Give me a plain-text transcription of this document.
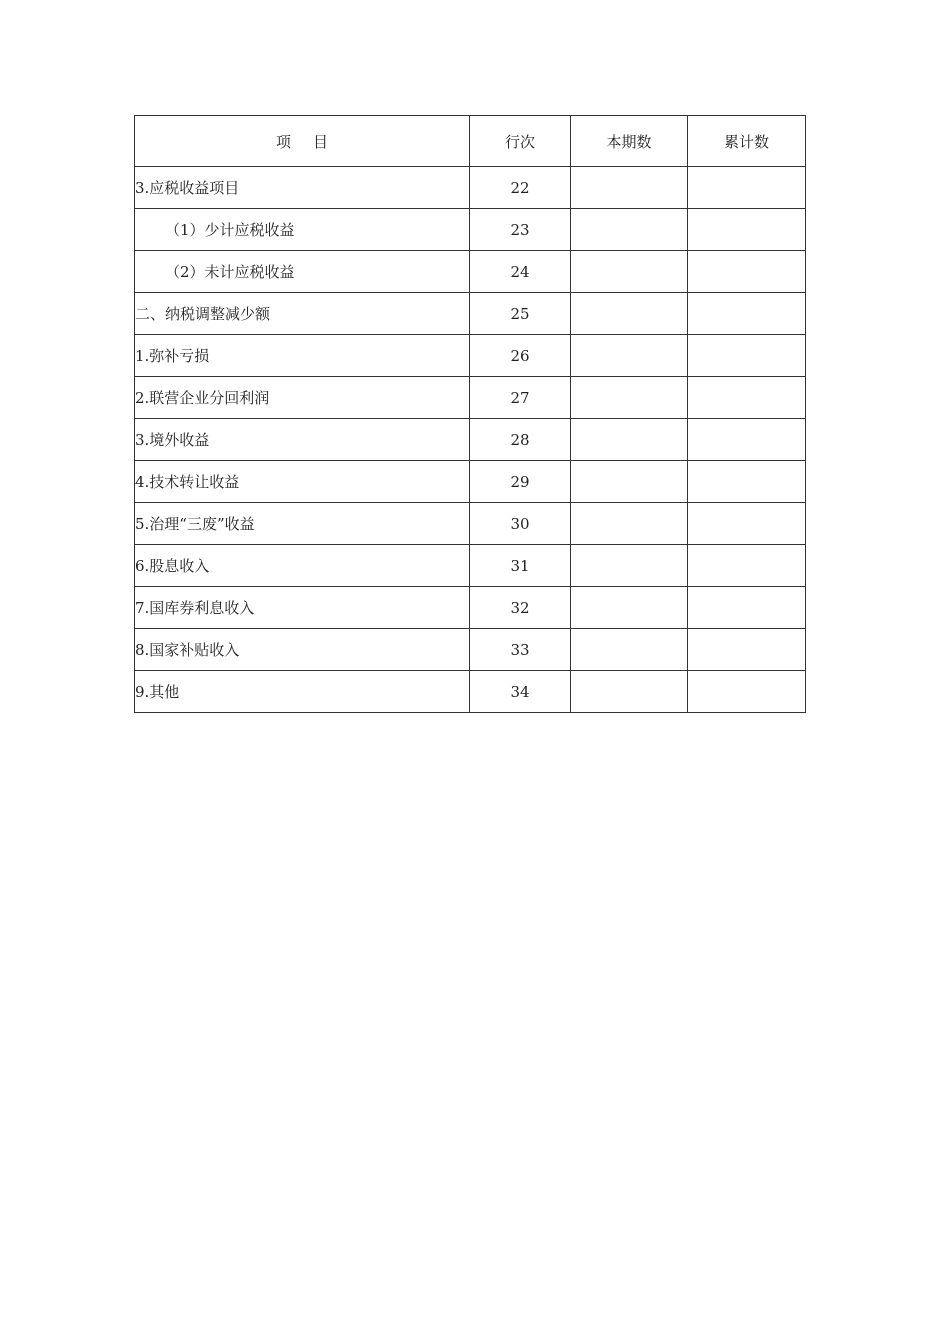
项 目	行次	本期数	累计数
3.应税收益项目	22		
（1）少计应税收益	23		
（2）未计应税收益	24		
二、纳税调整减少额	25		
1.弥补亏损	26		
2.联营企业分回利润	27		
3.境外收益	28		
4.技术转让收益	29		
5.治理“三废”收益	30		
6.股息收入	31		
7.国库券利息收入	32		
8.国家补贴收入	33		
9.其他	34		
